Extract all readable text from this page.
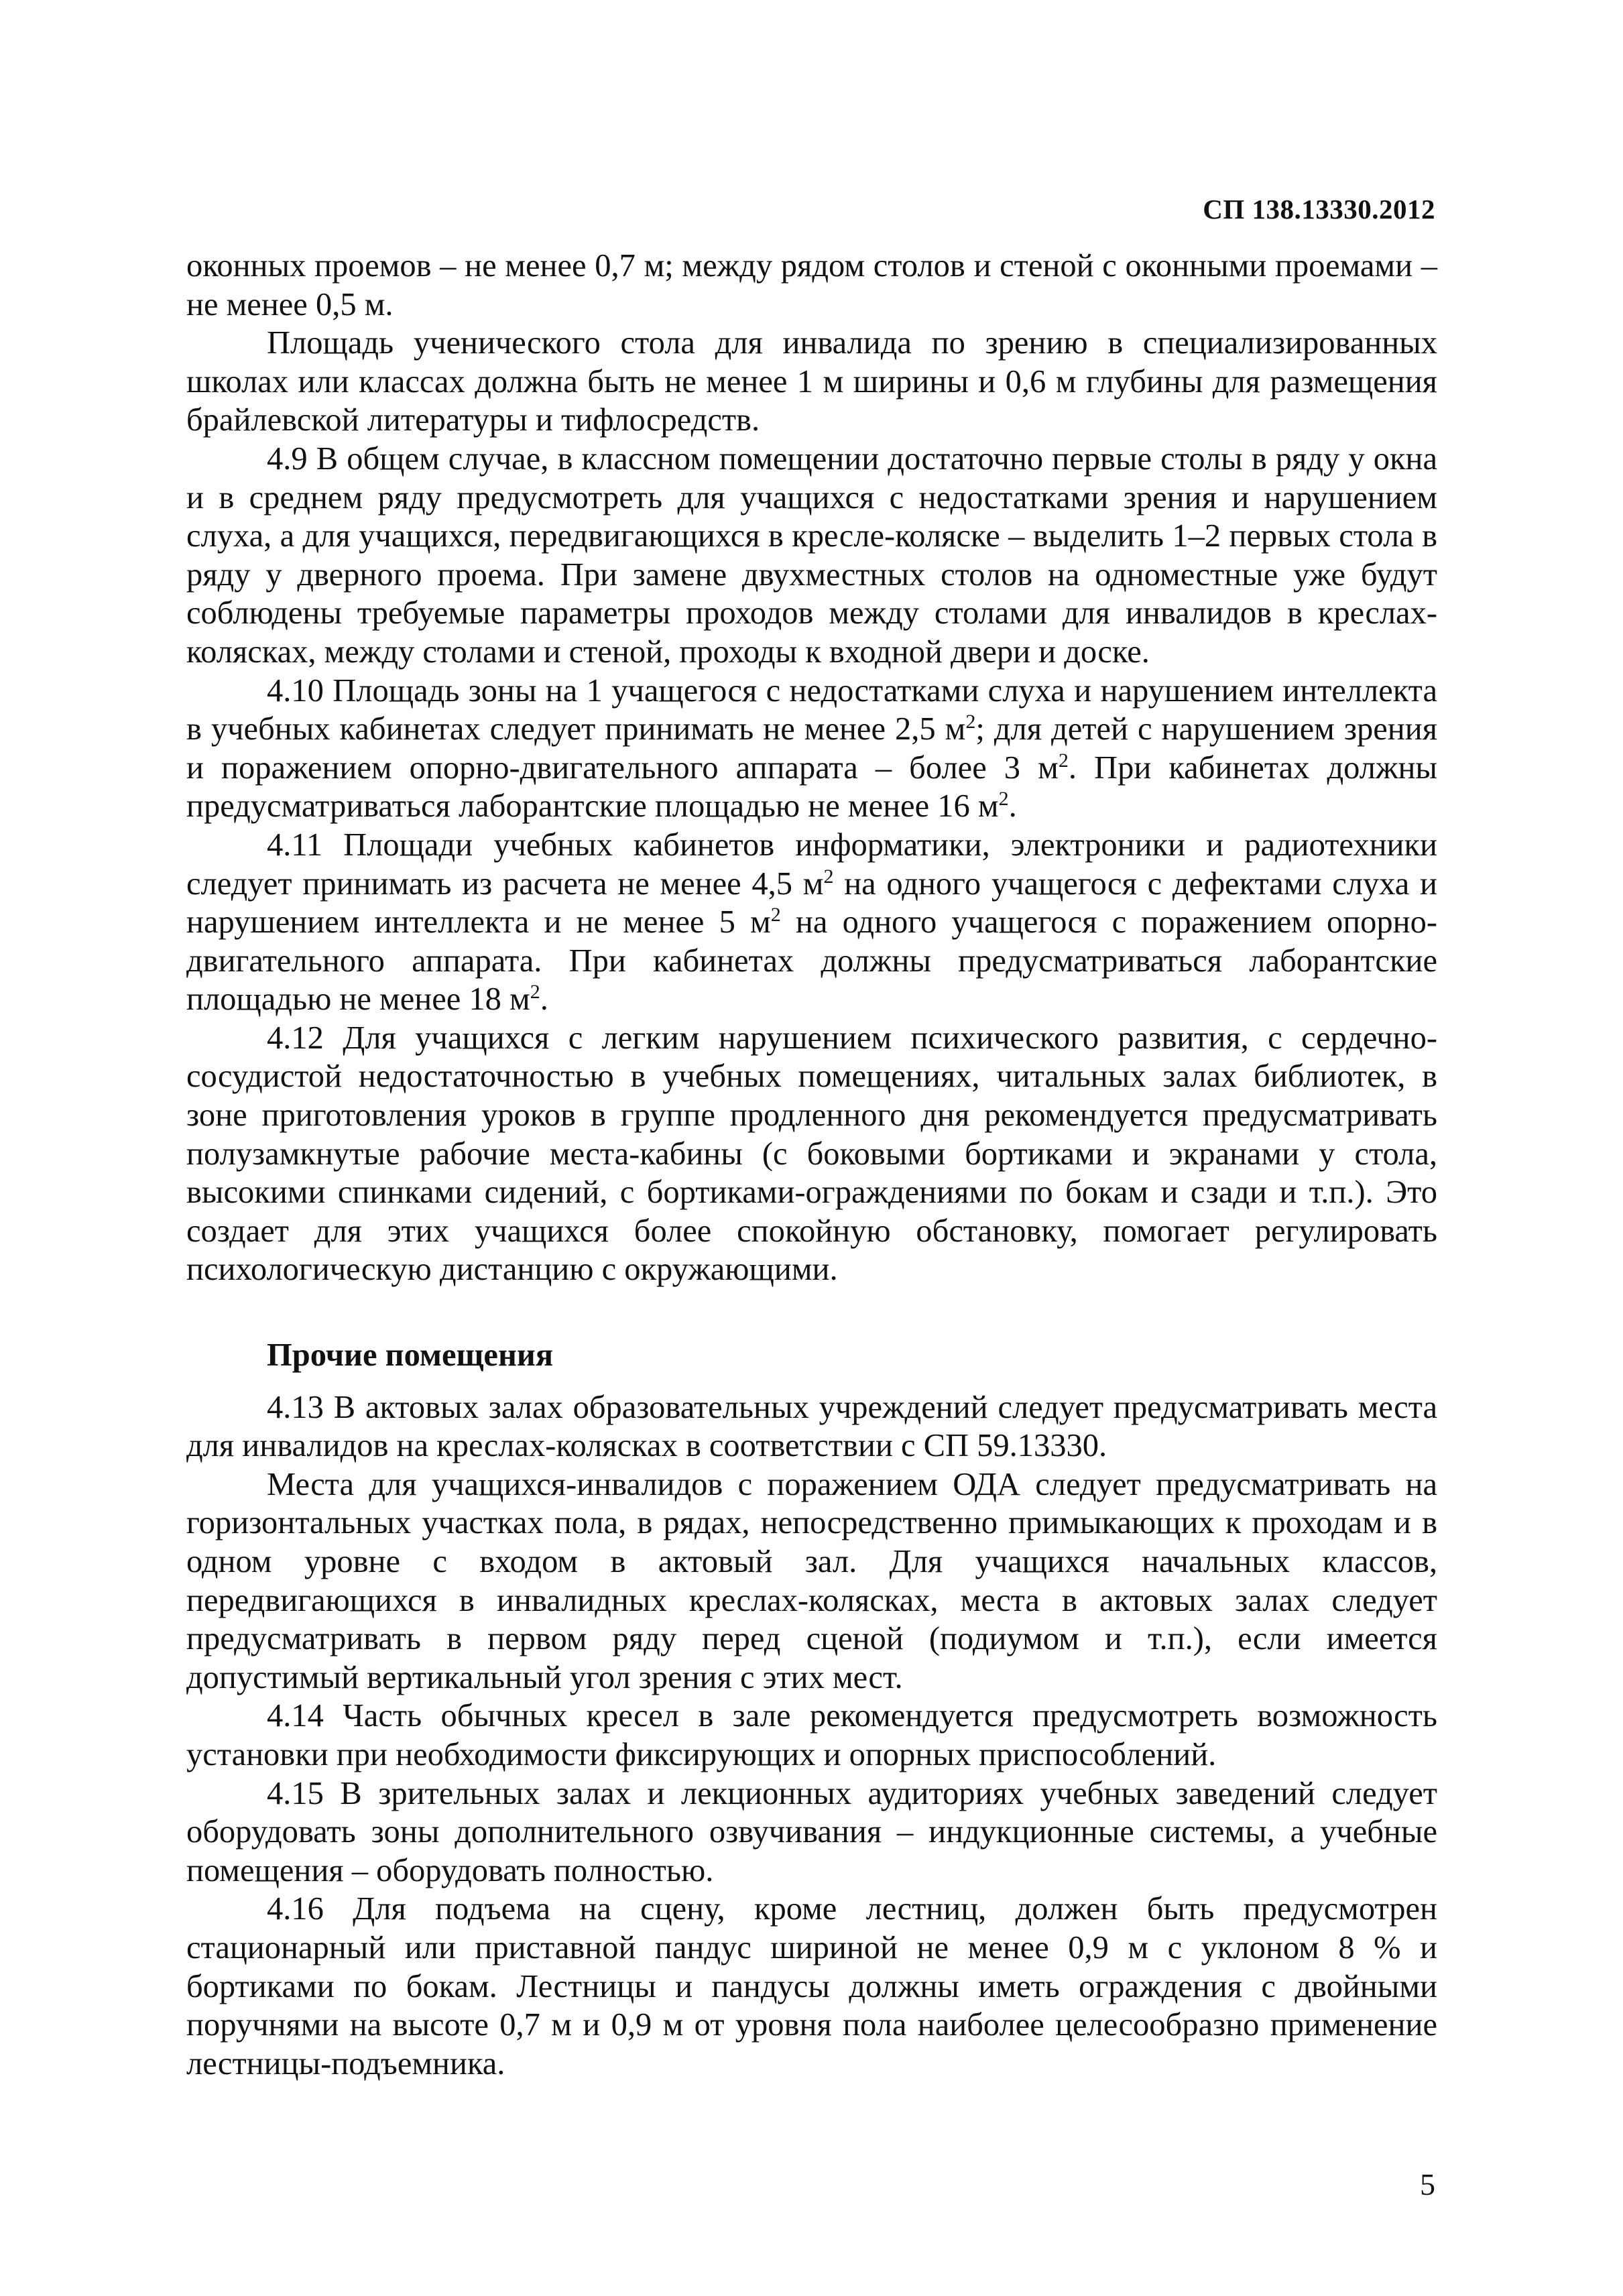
СП 138.13330.2012

оконных проемов – не менее 0,7 м; между рядом столов и стеной с оконными проемами – не менее 0,5 м.

Площадь ученического стола для инвалида по зрению в специализированных школах или классах должна быть не менее 1 м ширины и 0,6 м глубины для размещения брайлевской литературы и тифлосредств.

4.9 В общем случае, в классном помещении достаточно первые столы в ряду у окна и в среднем ряду предусмотреть для учащихся с недостатками зрения и нарушением слуха, а для учащихся, передвигающихся в кресле-коляске – выделить 1–2 первых стола в ряду у дверного проема. При замене двухместных столов на одноместные уже будут соблюдены требуемые параметры проходов между столами для инвалидов в креслах-колясках, между столами и стеной, проходы к входной двери и доске.

4.10 Площадь зоны на 1 учащегося с недостатками слуха и нарушением интеллекта в учебных кабинетах следует принимать не менее 2,5 $м^2$; для детей с нарушением зрения и поражением опорно-двигательного аппарата – более 3 $м^2$. При кабинетах должны предусматриваться лаборантские площадью не менее 16 $м^2$.

4.11 Площади учебных кабинетов информатики, электроники и радиотехники следует принимать из расчета не менее 4,5 $м^2$ на одного учащегося с дефектами слуха и нарушением интеллекта и не менее 5 $м^2$ на одного учащегося с поражением опорно-двигательного аппарата. При кабинетах должны предусматриваться лаборантские площадью не менее 18 $м^2$.

4.12 Для учащихся с легким нарушением психического развития, с сердечно-сосудистой недостаточностью в учебных помещениях, читальных залах библиотек, в зоне приготовления уроков в группе продленного дня рекомендуется предусматривать полузамкнутые рабочие места-кабины (с боковыми бортиками и экранами у стола, высокими спинками сидений, с бортиками-ограждениями по бокам и сзади и т.п.). Это создает для этих учащихся более спокойную обстановку, помогает регулировать психологическую дистанцию с окружающими.

Прочие помещения

4.13 В актовых залах образовательных учреждений следует предусматривать места для инвалидов на креслах-колясках в соответствии с СП 59.13330.

Места для учащихся-инвалидов с поражением ОДА следует предусматривать на горизонтальных участках пола, в рядах, непосредственно примыкающих к проходам и в одном уровне с входом в актовый зал. Для учащихся начальных классов, передвигающихся в инвалидных креслах-колясках, места в актовых залах следует предусматривать в первом ряду перед сценой (подиумом и т.п.), если имеется допустимый вертикальный угол зрения с этих мест.

4.14 Часть обычных кресел в зале рекомендуется предусмотреть возможность установки при необходимости фиксирующих и опорных приспособлений.

4.15 В зрительных залах и лекционных аудиториях учебных заведений следует оборудовать зоны дополнительного озвучивания – индукционные системы, а учебные помещения – оборудовать полностью.

4.16 Для подъема на сцену, кроме лестниц, должен быть предусмотрен стационарный или приставной пандус шириной не менее 0,9 м с уклоном 8 % и бортиками по бокам. Лестницы и пандусы должны иметь ограждения с двойными поручнями на высоте 0,7 м и 0,9 м от уровня пола наиболее целесообразно применение лестницы-подъемника.

5
